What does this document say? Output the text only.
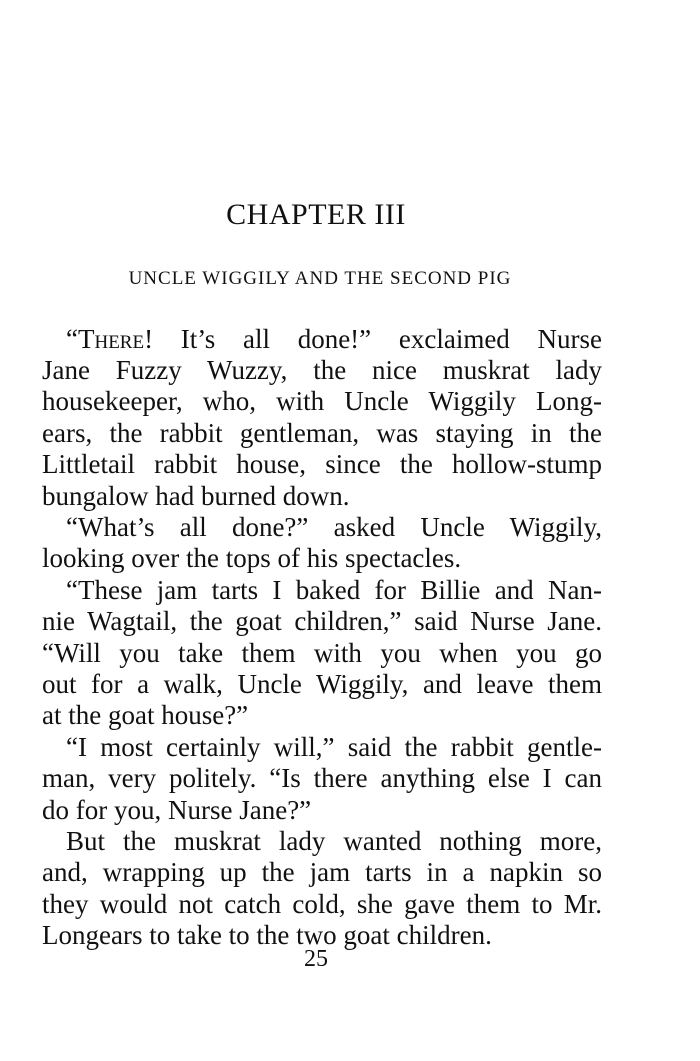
CHAPTER III
UNCLE WIGGILY AND THE SECOND PIG
“There! It’s all done!” exclaimed Nurse
Jane Fuzzy Wuzzy, the nice muskrat lady
housekeeper, who, with Uncle Wiggily Long-
ears, the rabbit gentleman, was staying in the
Littletail rabbit house, since the hollow-stump
bungalow had burned down.
“What’s all done?” asked Uncle Wiggily,
looking over the tops of his spectacles.
“These jam tarts I baked for Billie and Nan-
nie Wagtail, the goat children,” said Nurse Jane.
“Will you take them with you when you go
out for a walk, Uncle Wiggily, and leave them
at the goat house?”
“I most certainly will,” said the rabbit gentle-
man, very politely. “Is there anything else I can
do for you, Nurse Jane?”
But the muskrat lady wanted nothing more,
and, wrapping up the jam tarts in a napkin so
they would not catch cold, she gave them to Mr.
Longears to take to the two goat children.
25
